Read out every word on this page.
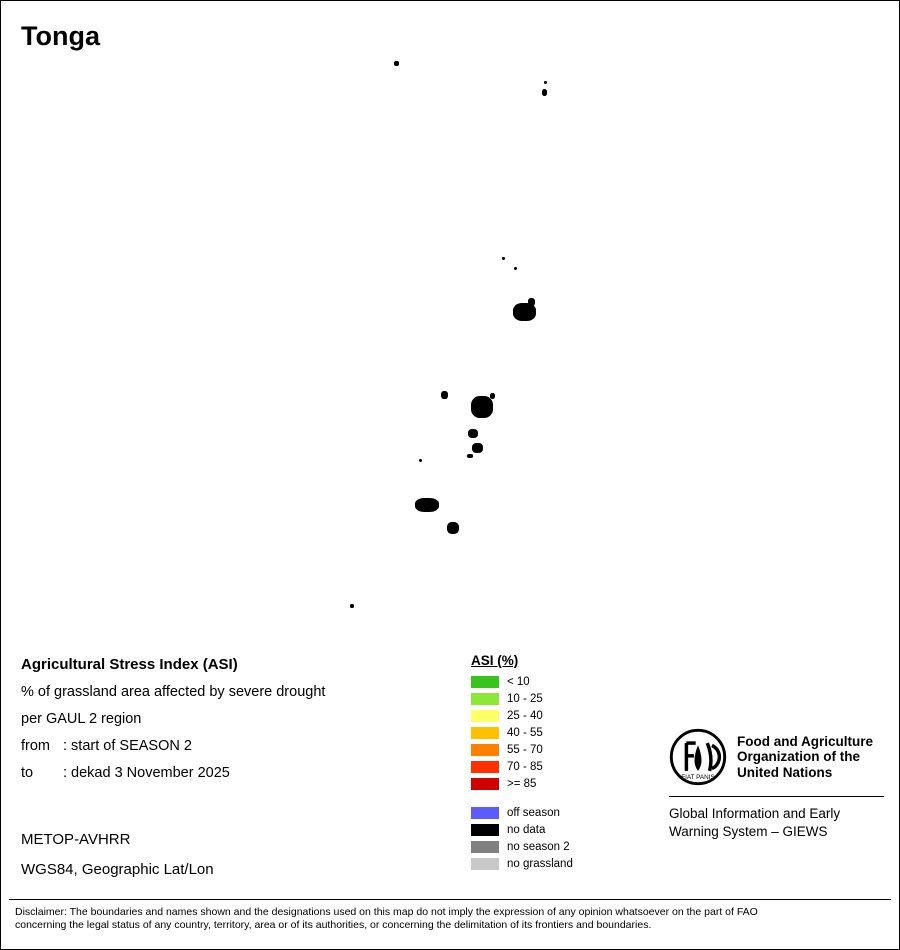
Tonga
Agricultural Stress Index (ASI)
% of grassland area affected by severe drought
per GAUL 2 region
from : start of SEASON 2
to : dekad 3 November 2025
METOP-AVHRR
WGS84, Geographic Lat/Lon
ASI (%)
< 10
10 - 25
25 - 40
40 - 55
55 - 70
70 - 85
>= 85
off season
no data
no season 2
no grassland
FIAT PANIS
Food and Agriculture
Organization of the
United Nations
Global Information and Early
Warning System – GIEWS
Disclaimer: The boundaries and names shown and the designations used on this map do not imply the expression of any opinion whatsoever on the part of FAO
concerning the legal status of any country, territory, area or of its authorities, or concerning the delimitation of its frontiers and boundaries.
